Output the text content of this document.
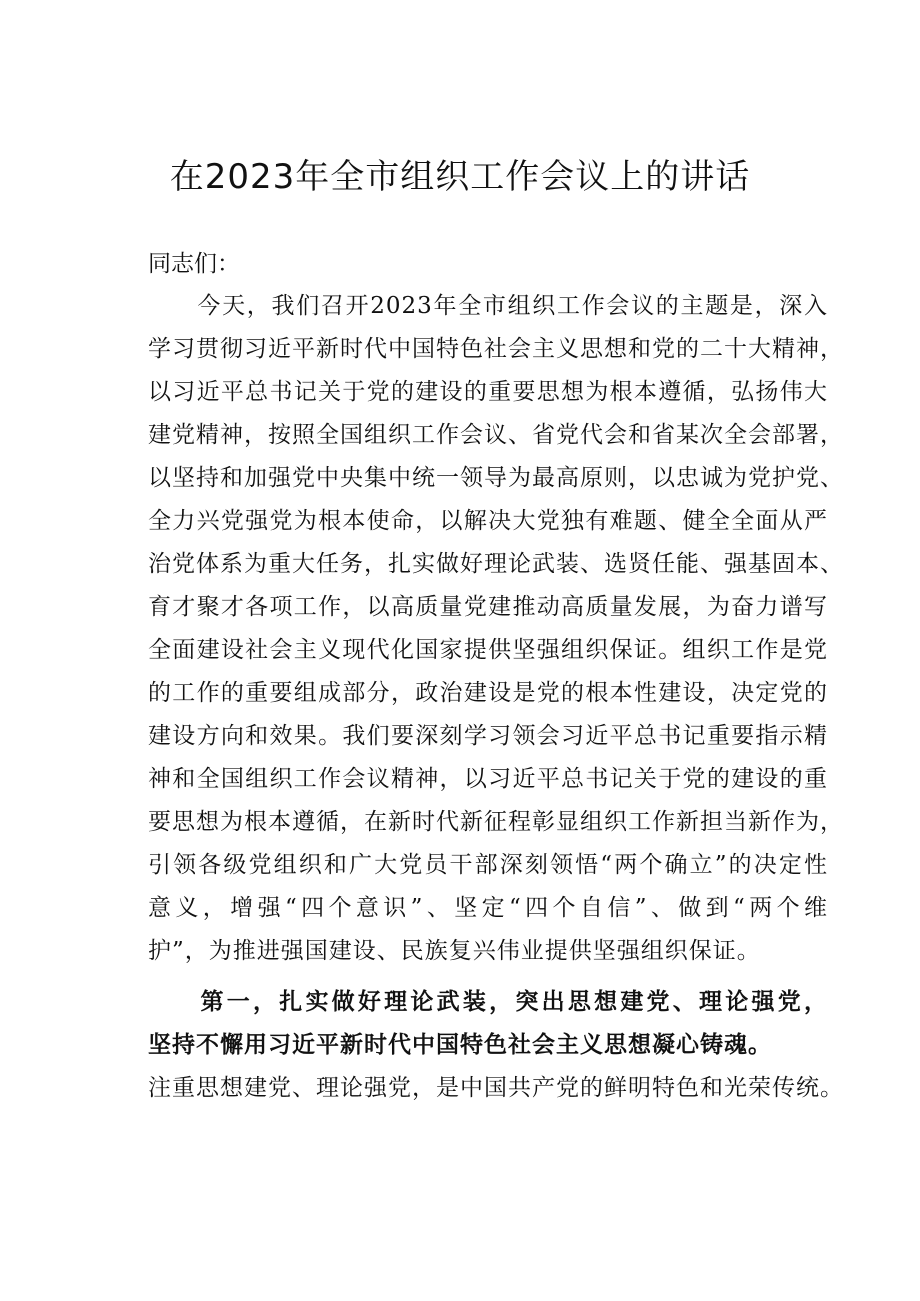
在2023年全市组织工作会议上的讲话
同志们：
　　今天，我们召开2023年全市组织工作会议的主题是，深入
学习贯彻习近平新时代中国特色社会主义思想和党的二十大精神，
以习近平总书记关于党的建设的重要思想为根本遵循，弘扬伟大
建党精神，按照全国组织工作会议、省党代会和省某次全会部署，
以坚持和加强党中央集中统一领导为最高原则，以忠诚为党护党、
全力兴党强党为根本使命，以解决大党独有难题、健全全面从严
治党体系为重大任务，扎实做好理论武装、选贤任能、强基固本、
育才聚才各项工作，以高质量党建推动高质量发展，为奋力谱写
全面建设社会主义现代化国家提供坚强组织保证。组织工作是党
的工作的重要组成部分，政治建设是党的根本性建设，决定党的
建设方向和效果。我们要深刻学习领会习近平总书记重要指示精
神和全国组织工作会议精神，以习近平总书记关于党的建设的重
要思想为根本遵循，在新时代新征程彰显组织工作新担当新作为，
引领各级党组织和广大党员干部深刻领悟“两个确立”的决定性
意义，增强“四个意识”、坚定“四个自信”、做到“两个维
护”，为推进强国建设、民族复兴伟业提供坚强组织保证。
　　第一，扎实做好理论武装，突出思想建党、理论强党，
坚持不懈用习近平新时代中国特色社会主义思想凝心铸魂。
注重思想建党、理论强党，是中国共产党的鲜明特色和光荣传统。
